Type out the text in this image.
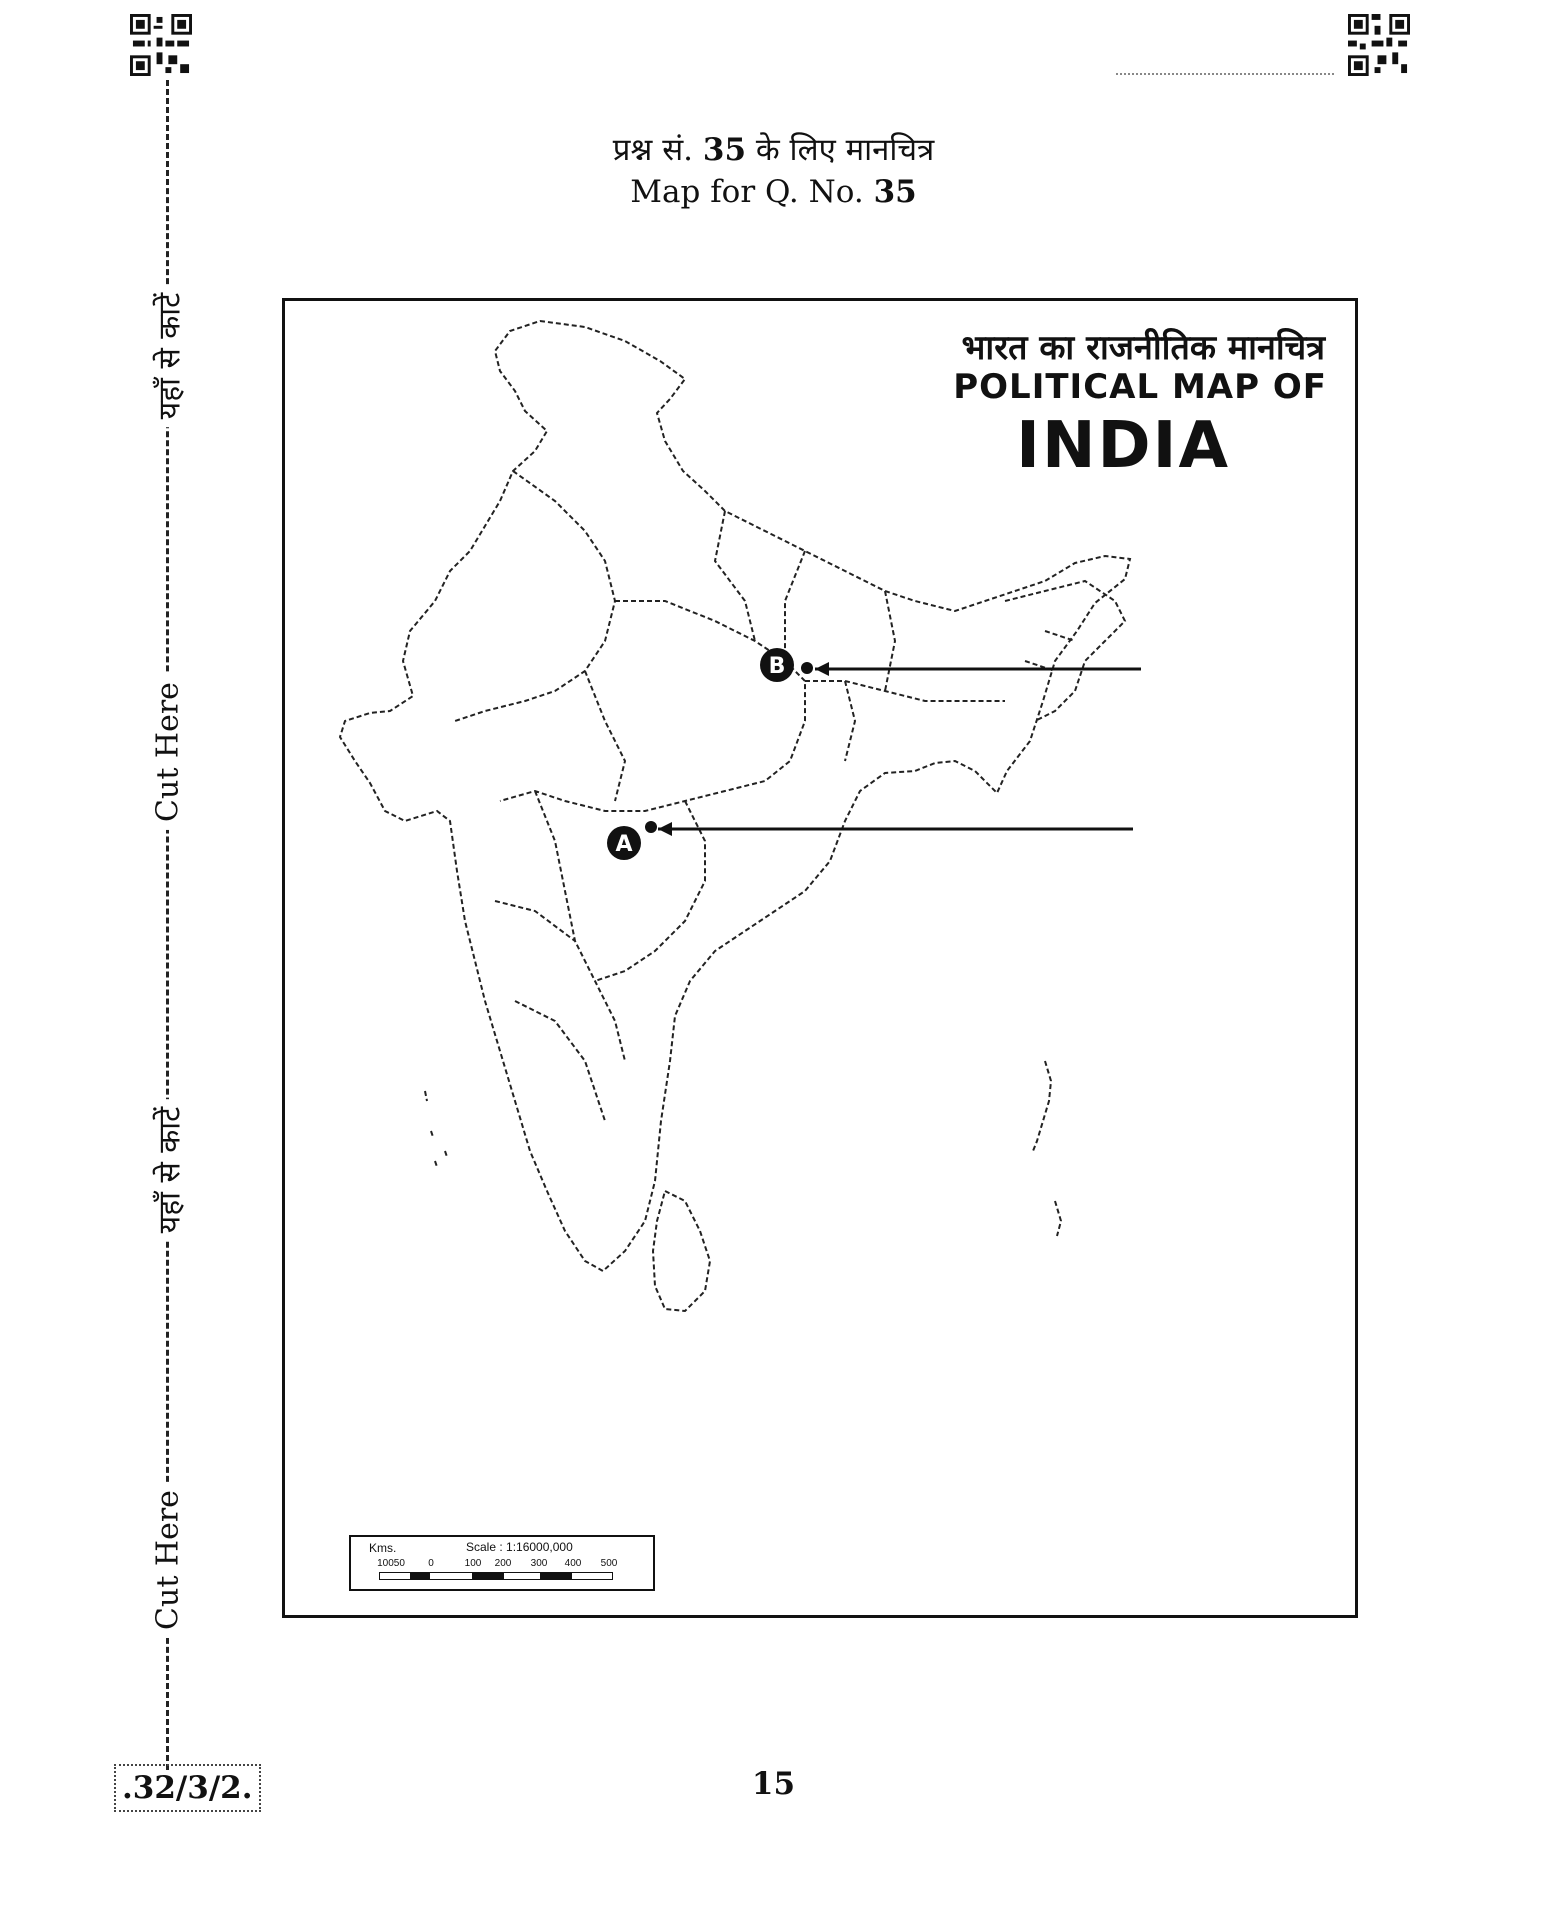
यहाँ से काटें
Cut Here
यहाँ से काटें
Cut Here
प्रश्न सं. 35 के लिए मानचित्र
Map for Q. No. 35
B
A
भारत का राजनीतिक मानचित्र
POLITICAL MAP OF
INDIA
Kms.	Scale : 1:16000,000
10050 0	100 200 300 400 500
.32/3/2.	15
